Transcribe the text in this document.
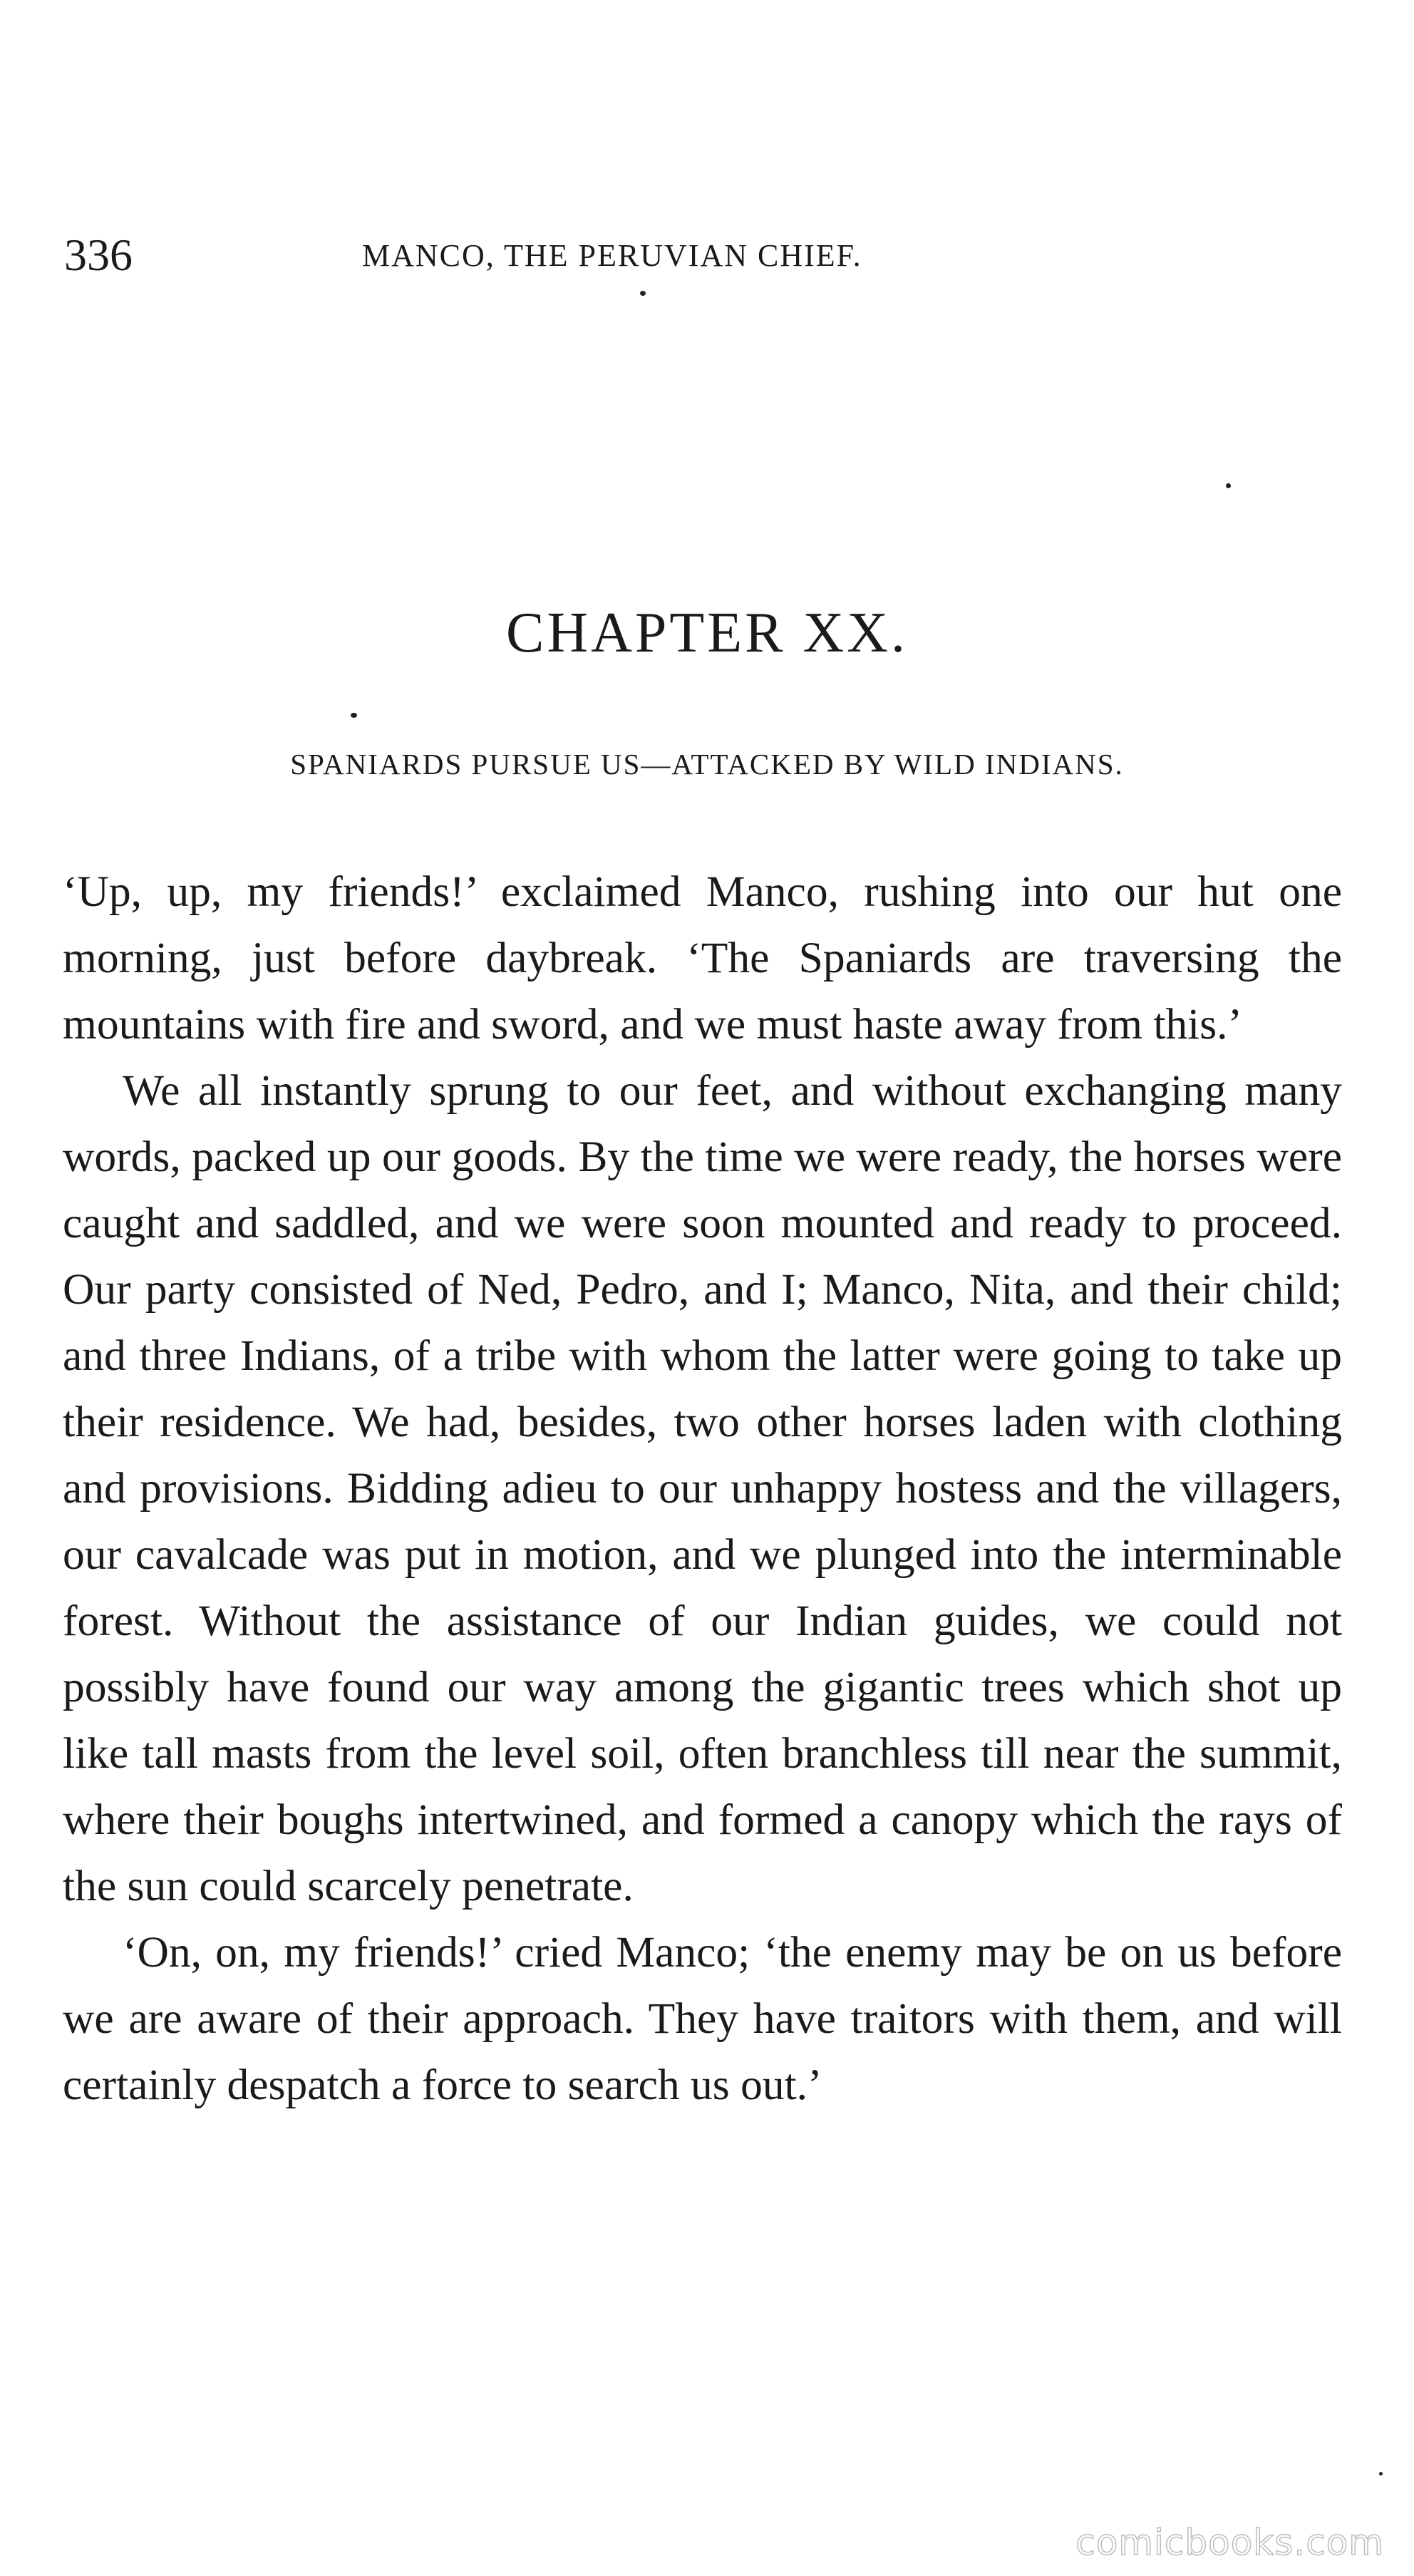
336	MANCO, THE PERUVIAN CHIEF.
CHAPTER XX.
SPANIARDS PURSUE US—ATTACKED BY WILD INDIANS.

‘Up, up, my friends!’ exclaimed Manco, rushing into our hut one morning, just before daybreak. ‘The Spaniards are traversing the mountains with fire and sword, and we must haste away from this.’

We all instantly sprung to our feet, and without exchanging many words, packed up our goods. By the time we were ready, the horses were caught and saddled, and we were soon mounted and ready to proceed. Our party consisted of Ned, Pedro, and I; Manco, Nita, and their child; and three Indians, of a tribe with whom the latter were going to take up their residence. We had, besides, two other horses laden with clothing and provisions. Bidding adieu to our unhappy hostess and the villagers, our cavalcade was put in motion, and we plunged into the interminable forest. Without the assistance of our Indian guides, we could not possibly have found our way among the gigantic trees which shot up like tall masts from the level soil, often branchless till near the summit, where their boughs intertwined, and formed a canopy which the rays of the sun could scarcely penetrate.

‘On, on, my friends!’ cried Manco; ‘the enemy may be on us before we are aware of their approach. They have traitors with them, and will certainly despatch a force to search us out.’

comicbooks.com
